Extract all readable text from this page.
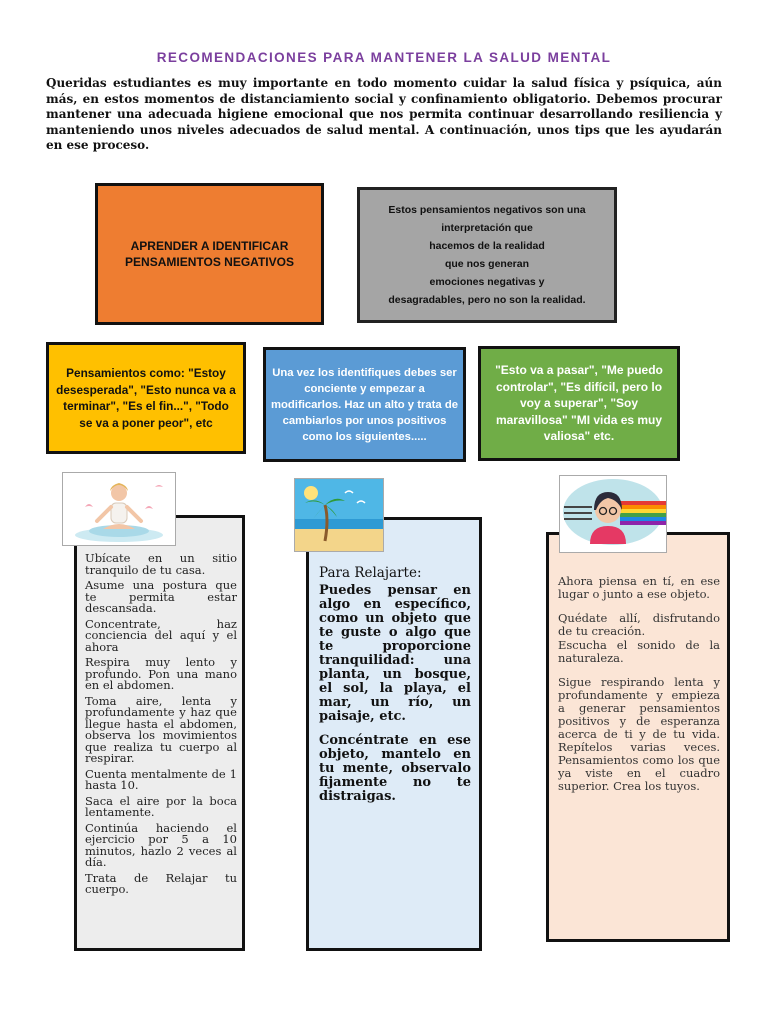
RECOMENDACIONES PARA MANTENER LA SALUD MENTAL
Queridas estudiantes es muy importante en todo momento cuidar la salud física y psíquica, aún más, en estos momentos de distanciamiento social y confinamiento obligatorio. Debemos procurar mantener una adecuada higiene emocional que nos permita continuar desarrollando resiliencia y manteniendo unos niveles adecuados de salud mental. A continuación, unos tips que les ayudarán en ese proceso.
APRENDER A IDENTIFICAR PENSAMIENTOS NEGATIVOS
Estos pensamientos negativos son una
interpretación que
hacemos de la realidad
que nos generan
emociones negativas y
desagradables, pero no son la realidad.
Pensamientos como: "Estoy desesperada", "Esto nunca va a terminar", "Es el fin...", "Todo se va a poner peor", etc
Una vez los identifiques debes ser conciente y empezar a modificarlos. Haz un alto y trata de cambiarlos por unos positivos como los siguientes.....
"Esto va a pasar", "Me puedo controlar", "Es difícil, pero lo voy a superar", "Soy maravillosa" "MI vida es muy valiosa" etc.

Ubícate en un sitio tranquilo de tu casa.

Asume una postura que te permita estar descansada.

Concentrate, haz conciencia del aquí y el ahora

Respira muy lento y profundo. Pon una mano en el abdomen.

Toma aire, lenta y profundamente y haz que llegue hasta el abdomen, observa los movimientos que realiza tu cuerpo al respirar.

Cuenta mentalmente de 1 hasta 10.

Saca el aire por la boca lentamente.

Continúa haciendo el ejercicio por 5 a 10 minutos, hazlo 2 veces al día.

Trata de Relajar tu cuerpo.

Para Relajarte:

Puedes pensar en algo en específico, como un objeto que te guste o algo que te proporcione tranquilidad: una planta, un bosque, el sol, la playa, el mar, un río, un paisaje, etc.

Concéntrate en ese objeto, mantelo en tu mente, observalo fijamente no te distraigas.

Ahora piensa en tí, en ese lugar o junto a ese objeto.

Quédate allí, disfrutando de tu creación.

Escucha el sonido de la naturaleza.

Sigue respirando lenta y profundamente y empieza a generar pensamientos positivos y de esperanza acerca de ti y de tu vida. Repítelos varias veces. Pensamientos como los que ya viste en el cuadro superior. Crea los tuyos.
